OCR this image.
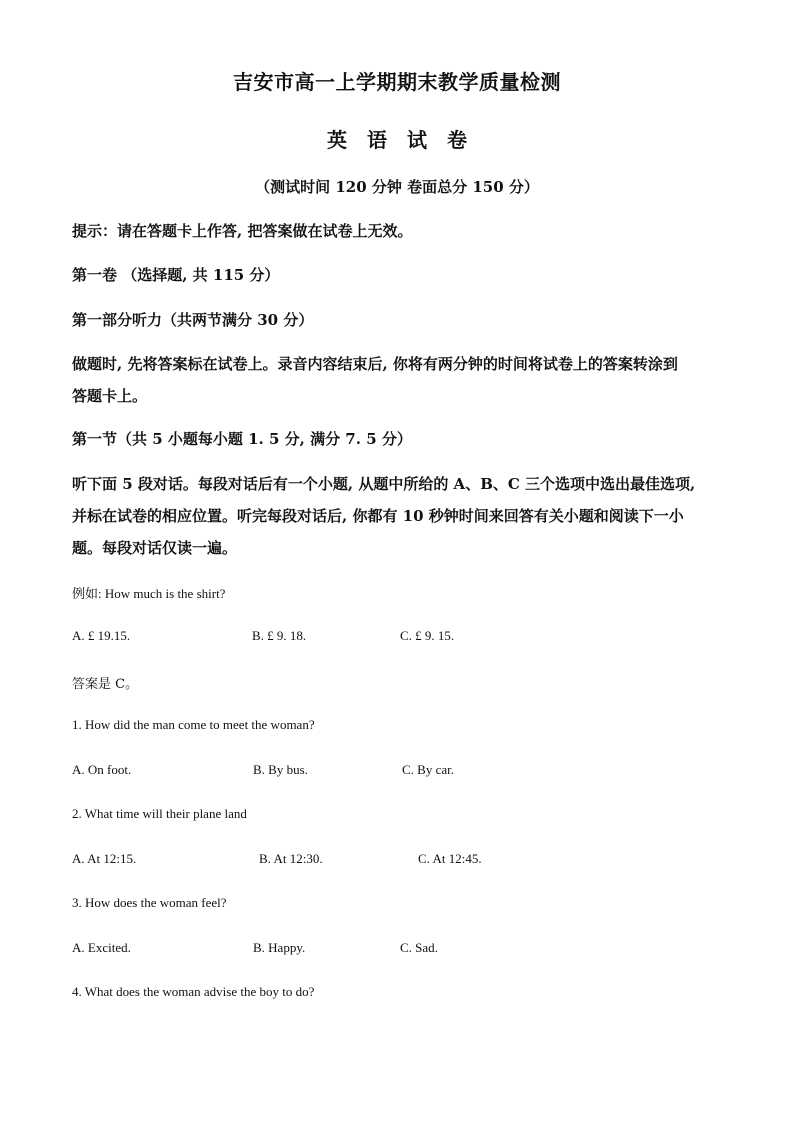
吉安市高一上学期期末教学质量检测
英 语 试 卷
（测试时间 120 分钟 卷面总分 150 分）
提示：请在答题卡上作答, 把答案做在试卷上无效。
第一卷 （选择题, 共 115 分）
第一部分听力（共两节满分 30 分）
做题时, 先将答案标在试卷上。录音内容结束后, 你将有两分钟的时间将试卷上的答案转涂到
答题卡上。
第一节（共 5 小题每小题 1. 5 分, 满分 7. 5 分）
听下面 5 段对话。每段对话后有一个小题, 从题中所给的 A、B、C 三个选项中选出最佳选项,
并标在试卷的相应位置。听完每段对话后, 你都有 10 秒钟时间来回答有关小题和阅读下一小
题。每段对话仅读一遍。
例如: How much is the shirt?
A. £ 19.15.	B. £ 9. 18.	C. £ 9. 15.
答案是 C。
1. How did the man come to meet the woman?
A. On foot.	B. By bus.	C. By car.
2. What time will their plane land
A. At 12:15.	B. At 12:30.	C. At 12:45.
3. How does the woman feel?
A. Excited.	B. Happy.	C. Sad.
4. What does the woman advise the boy to do?
